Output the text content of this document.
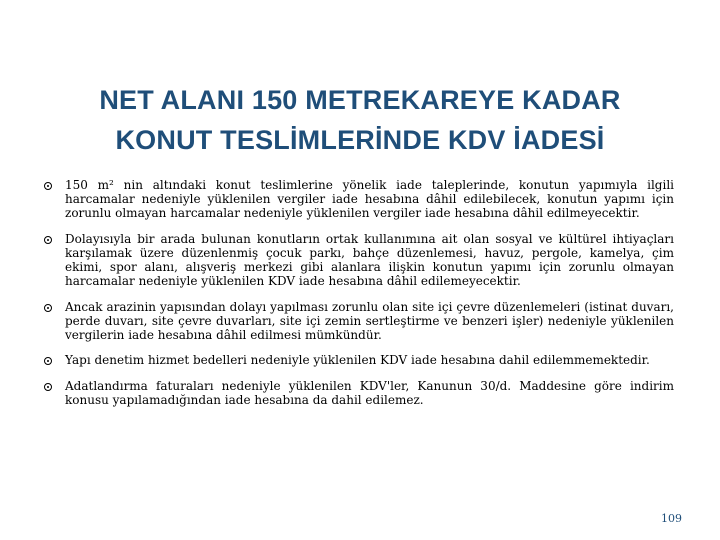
NET ALANI 150 METREKAREYE KADAR
KONUT TESLİMLERİNDE KDV İADESİ
150 m² nin altındaki konut teslimlerine yönelik iade taleplerinde, konutun yapımıyla ilgili harcamalar nedeniyle yüklenilen vergiler iade hesabına dâhil edilebilecek, konutun yapımı için zorunlu olmayan harcamalar nedeniyle yüklenilen vergiler iade hesabına dâhil edilmeyecektir.
Dolayısıyla bir arada bulunan konutların ortak kullanımına ait olan sosyal ve kültürel ihtiyaçları karşılamak üzere düzenlenmiş çocuk parkı, bahçe düzenlemesi, havuz, pergole, kamelya, çim ekimi, spor alanı, alışveriş merkezi gibi alanlara ilişkin konutun yapımı için zorunlu olmayan harcamalar nedeniyle yüklenilen KDV iade hesabına dâhil edilemeyecektir.
Ancak arazinin yapısından dolayı yapılması zorunlu olan site içi çevre düzenlemeleri (istinat duvarı, perde duvarı, site çevre duvarları, site içi zemin sertleştirme ve benzeri işler) nedeniyle yüklenilen vergilerin iade hesabına dâhil edilmesi mümkündür.
Yapı denetim hizmet bedelleri nedeniyle yüklenilen KDV iade hesabına dahil edilemmemektedir.
Adatlandırma faturaları nedeniyle yüklenilen KDV'ler, Kanunun 30/d. Maddesine göre indirim konusu yapılamadığından iade hesabına da dahil edilemez.
109
